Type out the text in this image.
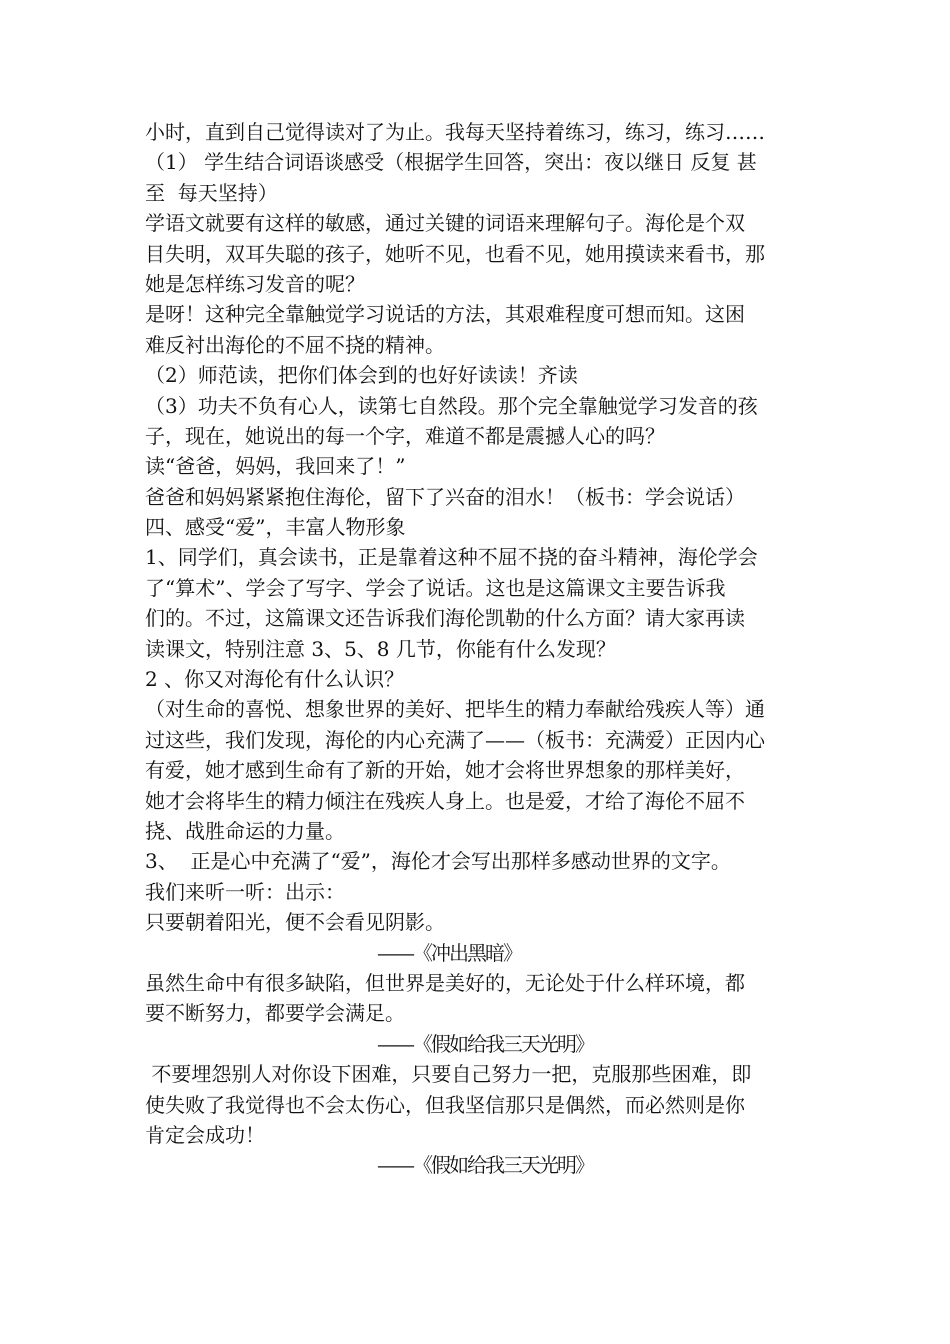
小时，直到自己觉得读对了为止。我每天坚持着练习，练习，练习……
（1） 学生结合词语谈感受（根据学生回答，突出：夜以继日 反复 甚
至  每天坚持）
学语文就要有这样的敏感，通过关键的词语来理解句子。海伦是个双
目失明，双耳失聪的孩子，她听不见，也看不见，她用摸读来看书，那
她是怎样练习发音的呢？
是呀！这种完全靠触觉学习说话的方法，其艰难程度可想而知。这困
难反衬出海伦的不屈不挠的精神。
（2）师范读，把你们体会到的也好好读读！齐读
（3）功夫不负有心人，读第七自然段。那个完全靠触觉学习发音的孩
子，现在，她说出的每一个字，难道不都是震撼人心的吗？
读“爸爸，妈妈，我回来了！”
爸爸和妈妈紧紧抱住海伦，留下了兴奋的泪水！（板书：学会说话）
四、感受“爱”，丰富人物形象
1、同学们，真会读书，正是靠着这种不屈不挠的奋斗精神，海伦学会
了“算术”、学会了写字、学会了说话。这也是这篇课文主要告诉我
们的。不过，这篇课文还告诉我们海伦凯勒的什么方面？请大家再读
读课文，特别注意 3、5、8 几节，你能有什么发现？
2 、你又对海伦有什么认识？
（对生命的喜悦、想象世界的美好、把毕生的精力奉献给残疾人等）通
过这些，我们发现，海伦的内心充满了——（板书：充满爱）正因内心
有爱，她才感到生命有了新的开始，她才会将世界想象的那样美好，
她才会将毕生的精力倾注在残疾人身上。也是爱，才给了海伦不屈不
挠、战胜命运的力量。
3、  正是心中充满了“爱”，海伦才会写出那样多感动世界的文字。
我们来听一听：出示：
只要朝着阳光，便不会看见阴影。
——《冲出黑暗》
虽然生命中有很多缺陷，但世界是美好的，无论处于什么样环境，都
要不断努力，都要学会满足。
——《假如给我三天光明》
不要埋怨别人对你设下困难，只要自己努力一把，克服那些困难，即
使失败了我觉得也不会太伤心，但我坚信那只是偶然，而必然则是你
肯定会成功！
——《假如给我三天光明》
